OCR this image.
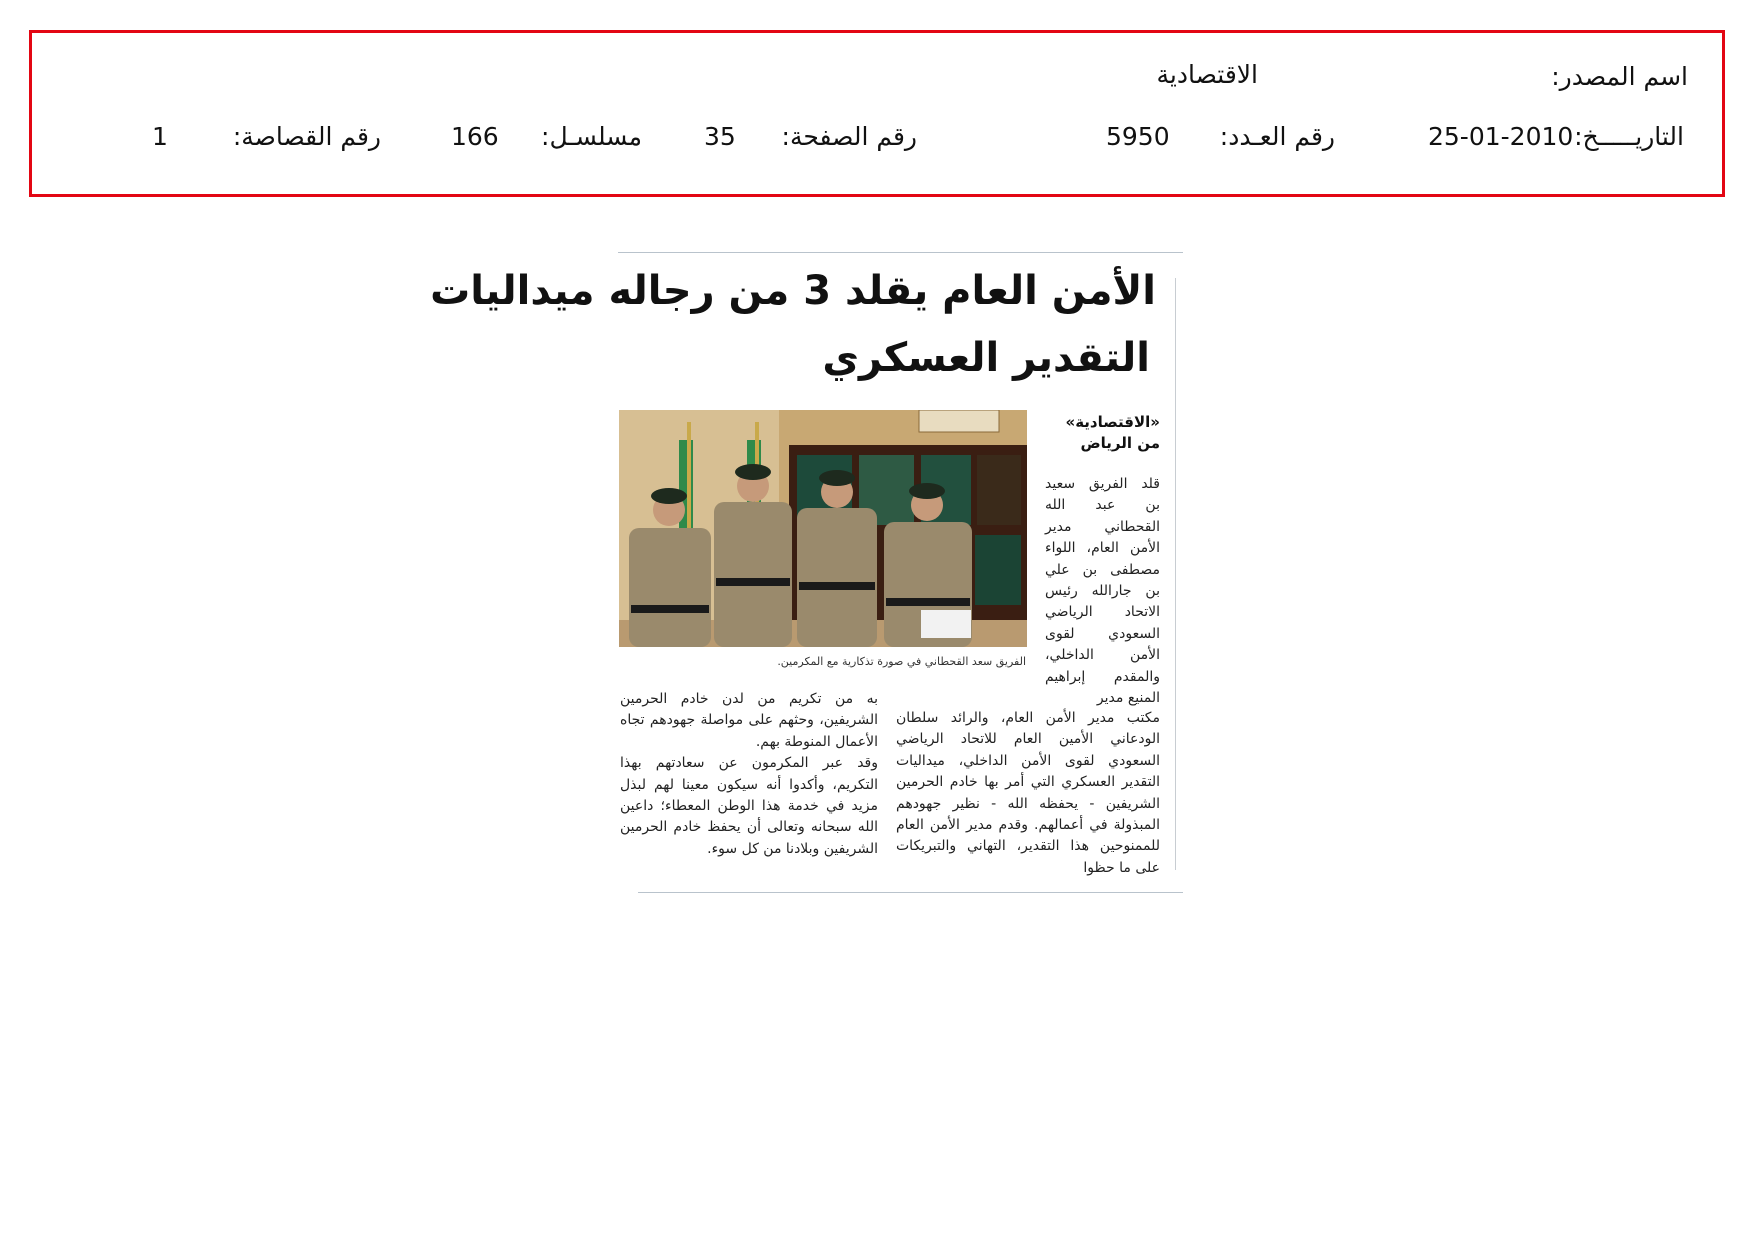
اسم المصدر:
الاقتصادية
التاريـــــخ:
25-01-2010
رقم العـدد:
5950
رقم الصفحة:
35
مسلسـل:
166
رقم القصاصة:
1
الأمن العام يقلد 3 من رجاله ميداليات
التقدير العسكري
«الاقتصادية»
من الرياض
الفريق سعد القحطاني في صورة تذكارية مع المكرمين.

قلد الفريق سعيد بن عبد الله القحطاني مدير الأمن العام، اللواء مصطفى بن علي بن جارالله رئيس الاتحاد الرياضي السعودي لقوى الأمن الداخلي، والمقدم إبراهيم المنيع مدير

مكتب مدير الأمن العام، والرائد سلطان الودعاني الأمين العام للاتحاد الرياضي السعودي لقوى الأمن الداخلي، ميداليات التقدير العسكري التي أمر بها خادم الحرمين الشريفين - يحفظه الله - نظير جهودهم المبذولة في أعمالهم. وقدم مدير الأمن العام للممنوحين هذا التقدير، التهاني والتبريكات على ما حظوا

به من تكريم من لدن خادم الحرمين الشريفين، وحثهم على مواصلة جهودهم تجاه الأعمال المنوطة بهم.

وقد عبر المكرمون عن سعادتهم بهذا التكريم، وأكدوا أنه سيكون معينا لهم لبذل مزيد في خدمة هذا الوطن المعطاء؛ داعين الله سبحانه وتعالى أن يحفظ خادم الحرمين الشريفين وبلادنا من كل سوء.
